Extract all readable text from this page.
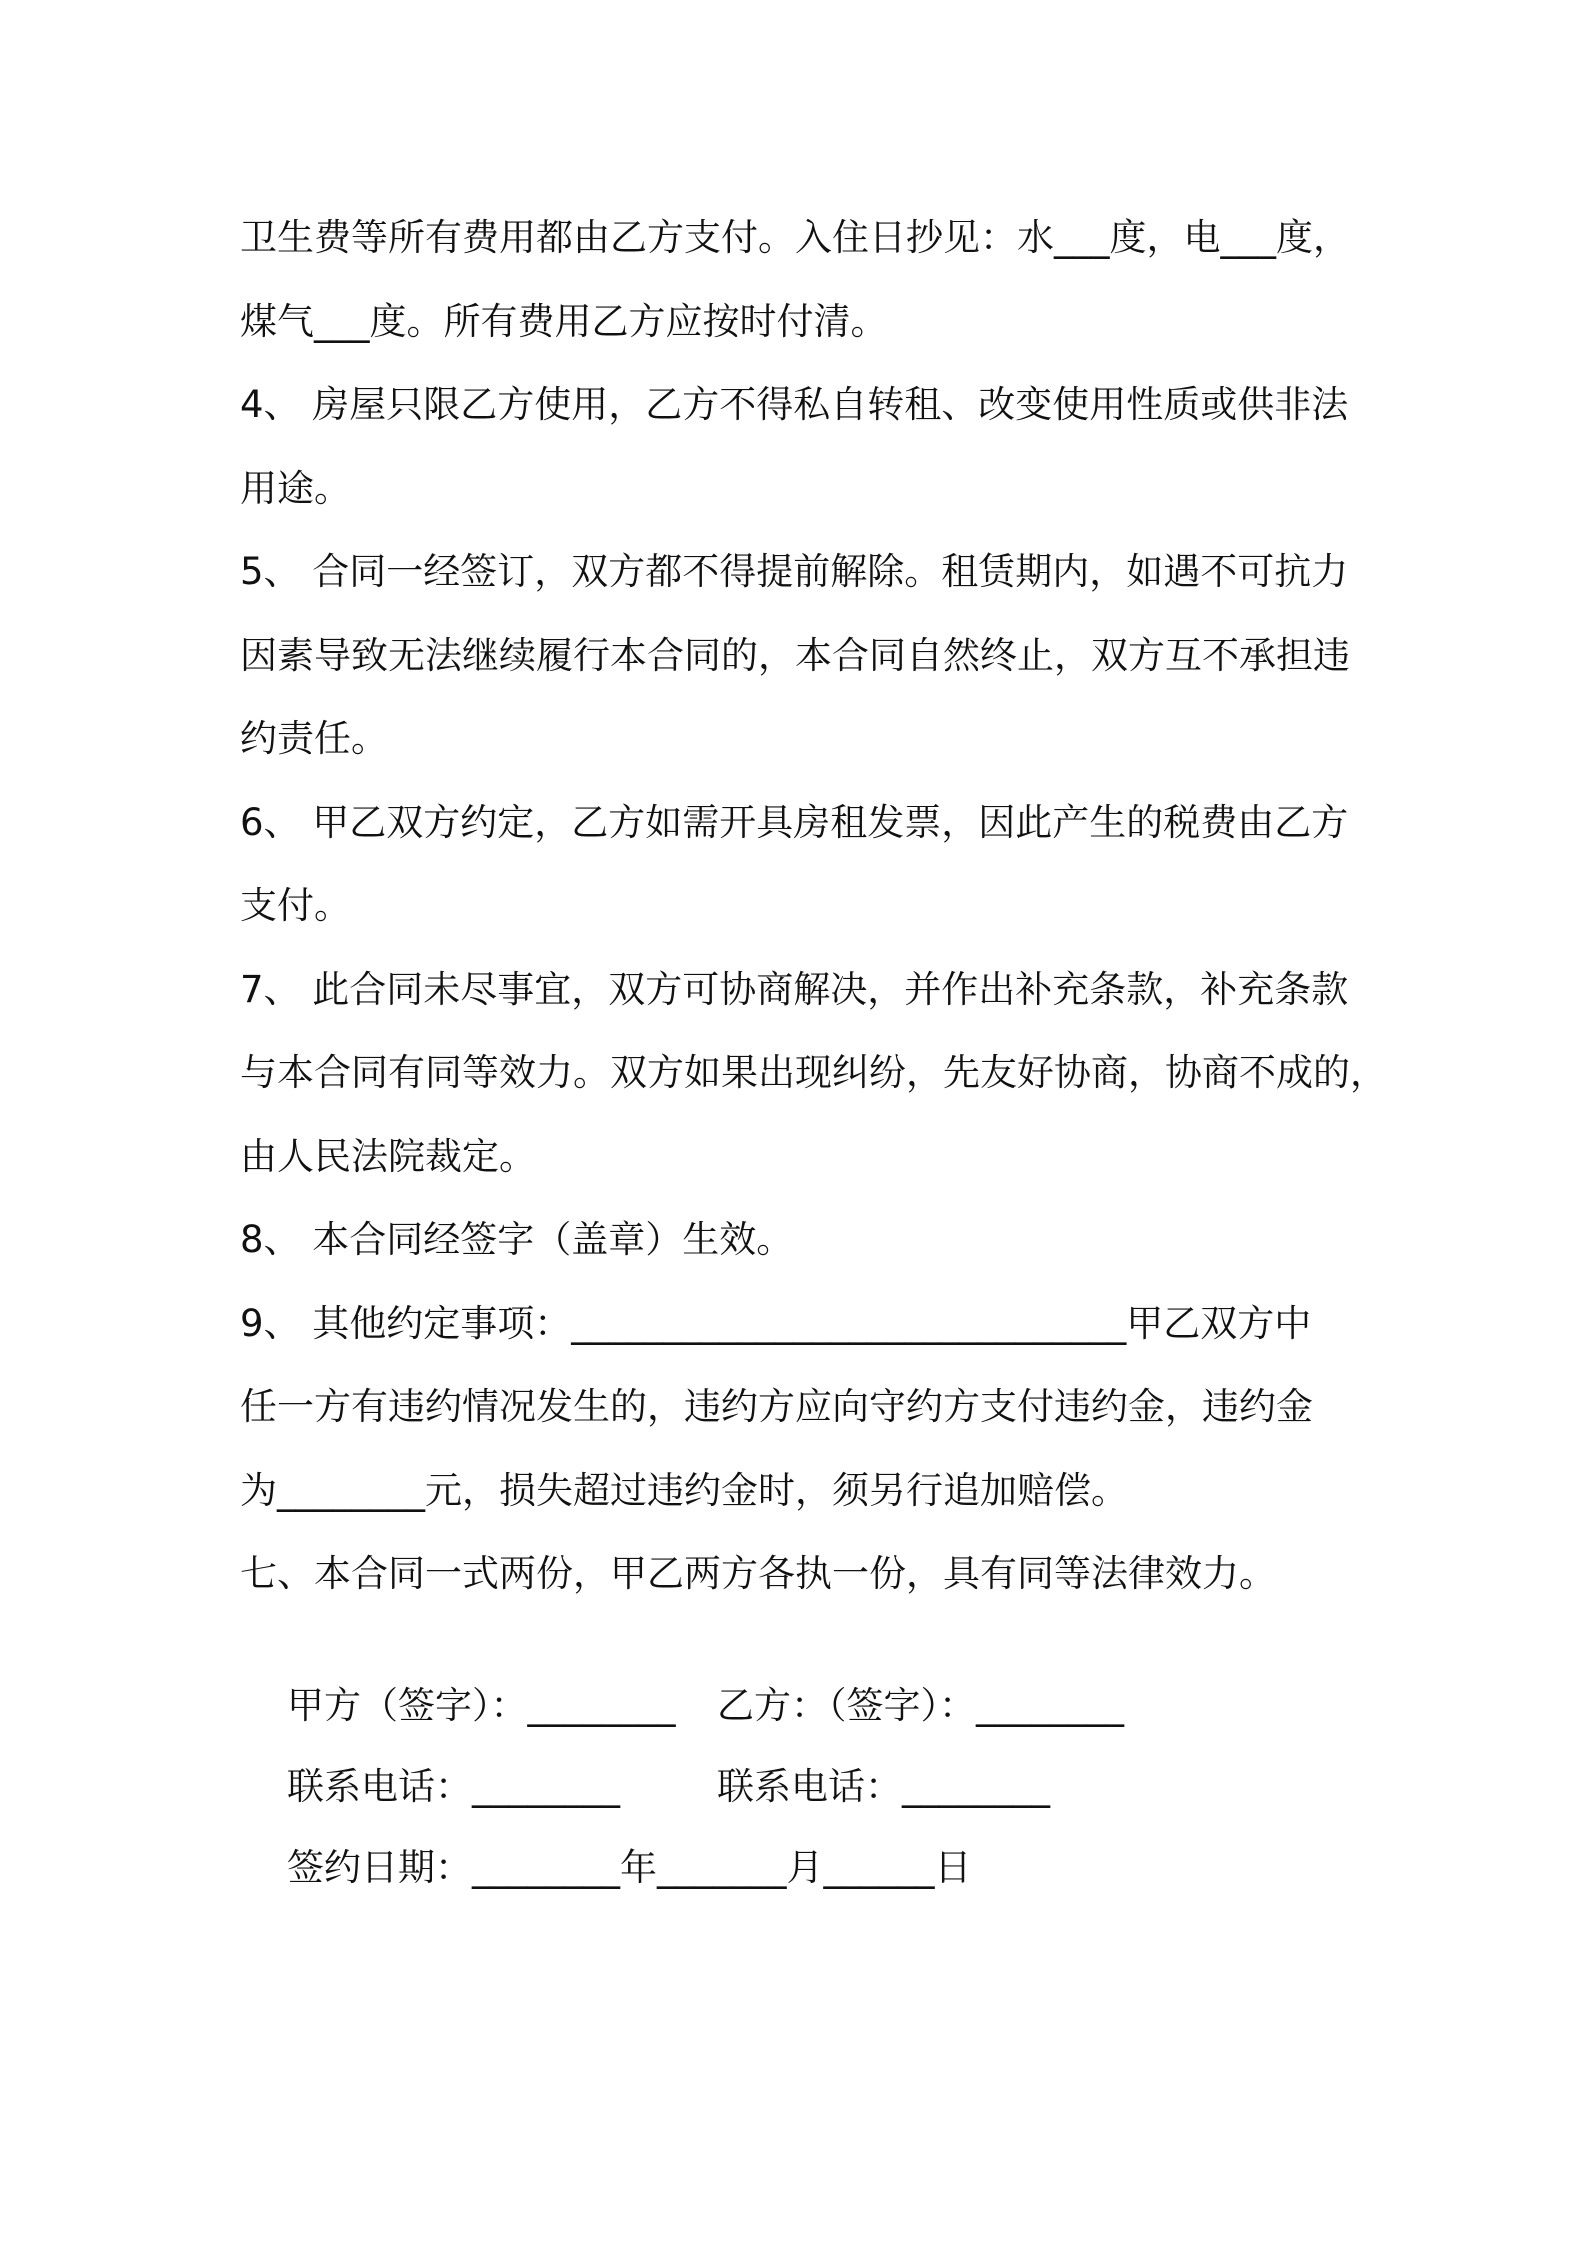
卫生费等所有费用都由乙方支付。入住日抄见：水___度，电___度，
煤气___度。所有费用乙方应按时付清。
4、 房屋只限乙方使用，乙方不得私自转租、改变使用性质或供非法
用途。
5、 合同一经签订，双方都不得提前解除。租赁期内，如遇不可抗力
因素导致无法继续履行本合同的，本合同自然终止，双方互不承担违
约责任。
6、 甲乙双方约定，乙方如需开具房租发票，因此产生的税费由乙方
支付。
7、 此合同未尽事宜，双方可协商解决，并作出补充条款，补充条款
与本合同有同等效力。双方如果出现纠纷，先友好协商，协商不成的，
由人民法院裁定。
8、 本合同经签字（盖章）生效。
9、 其他约定事项：______________________________甲乙双方中
任一方有违约情况发生的，违约方应向守约方支付违约金，违约金
为________元，损失超过违约金时，须另行追加赔偿。
七、本合同一式两份，甲乙两方各执一份，具有同等法律效力。

甲方（签字）：________ 乙方：（签字）：________

联系电话：________	联系电话：________

签约日期：________年_______月______日
